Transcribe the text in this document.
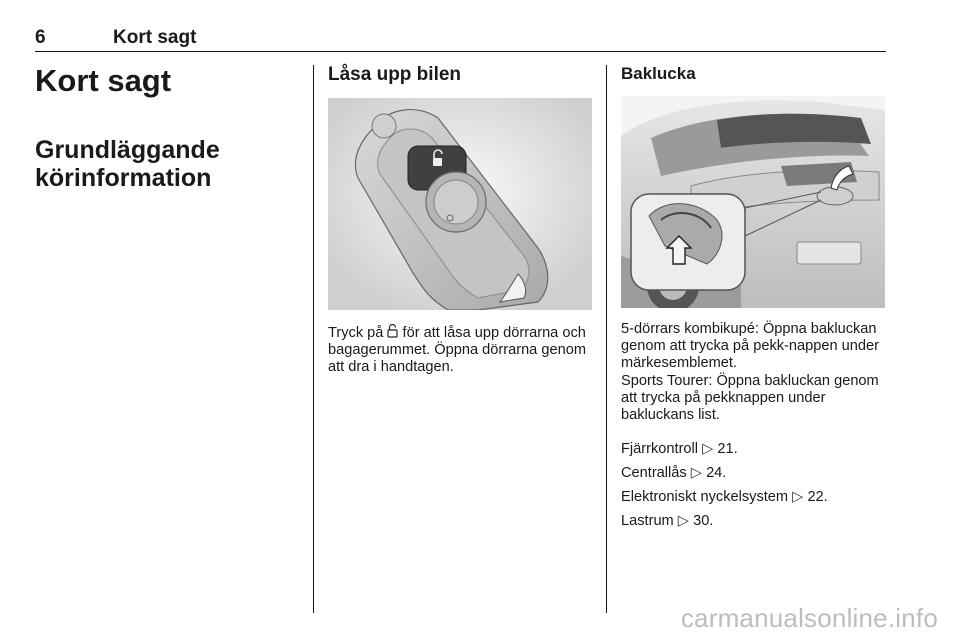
6	Kort sagt
Kort sagt
Grundläggande körinformation
Låsa upp bilen
Tryck på för att låsa upp dörrarna och bagagerummet. Öppna dörrarna genom att dra i handtagen.
Baklucka
5-dörrars kombikupé: Öppna bakluckan genom att trycka på pekk-nappen under märkesemblemet.
Sports Tourer: Öppna bakluckan genom att trycka på pekknappen under bakluckans list.
Fjärrkontroll ▷ 21.
Centrallås ▷ 24.
Elektroniskt nyckelsystem ▷ 22.
Lastrum ▷ 30.
carmanualsonline.info
